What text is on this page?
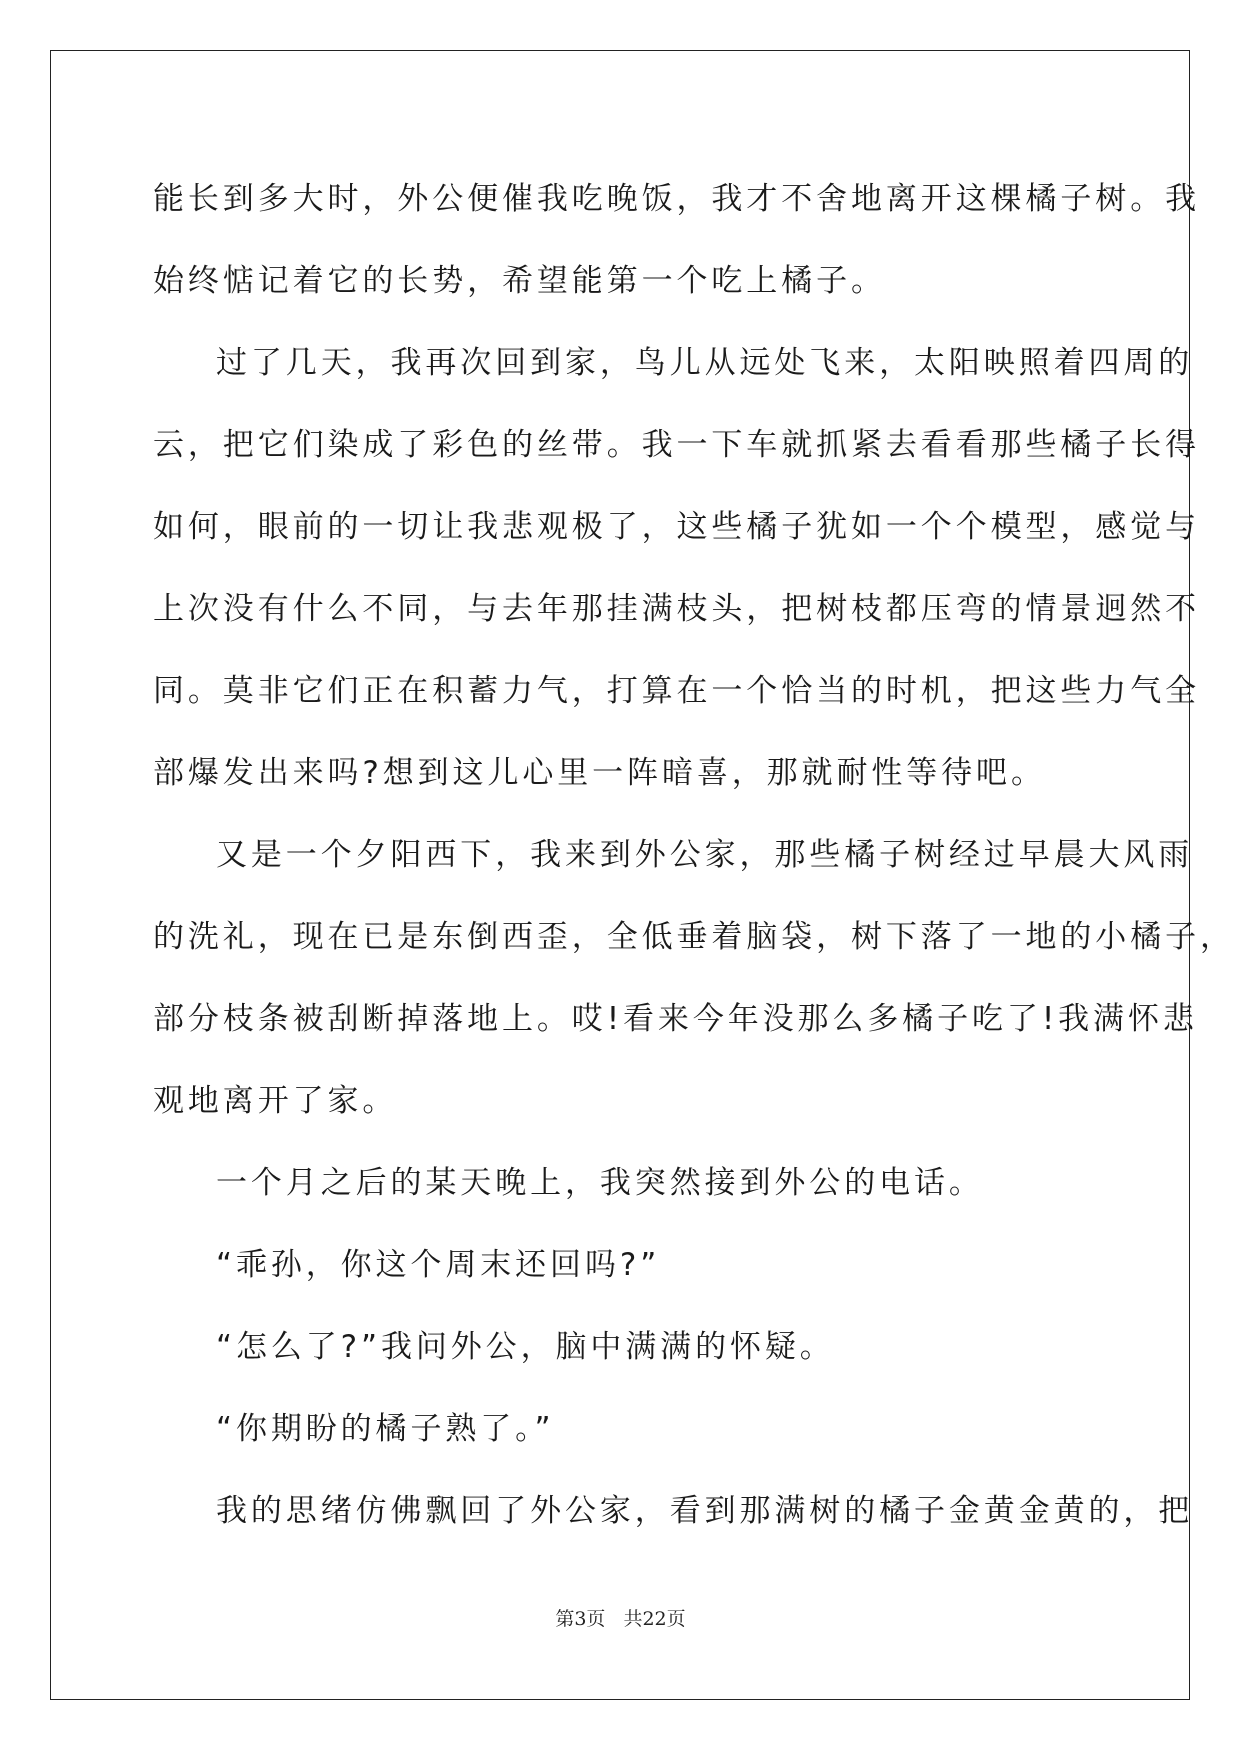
能长到多大时，外公便催我吃晚饭，我才不舍地离开这棵橘子树。我
始终惦记着它的长势，希望能第一个吃上橘子。
过了几天，我再次回到家，鸟儿从远处飞来，太阳映照着四周的
云，把它们染成了彩色的丝带。我一下车就抓紧去看看那些橘子长得
如何，眼前的一切让我悲观极了，这些橘子犹如一个个模型，感觉与
上次没有什么不同，与去年那挂满枝头，把树枝都压弯的情景迥然不
同。莫非它们正在积蓄力气，打算在一个恰当的时机，把这些力气全
部爆发出来吗?想到这儿心里一阵暗喜，那就耐性等待吧。
又是一个夕阳西下，我来到外公家，那些橘子树经过早晨大风雨
的洗礼，现在已是东倒西歪，全低垂着脑袋，树下落了一地的小橘子，
部分枝条被刮断掉落地上。哎!看来今年没那么多橘子吃了!我满怀悲
观地离开了家。
一个月之后的某天晚上，我突然接到外公的电话。
“乖孙，你这个周末还回吗?”
“怎么了?”我问外公，脑中满满的怀疑。
“你期盼的橘子熟了。”
我的思绪仿佛飘回了外公家，看到那满树的橘子金黄金黄的，把
第3页 共22页
